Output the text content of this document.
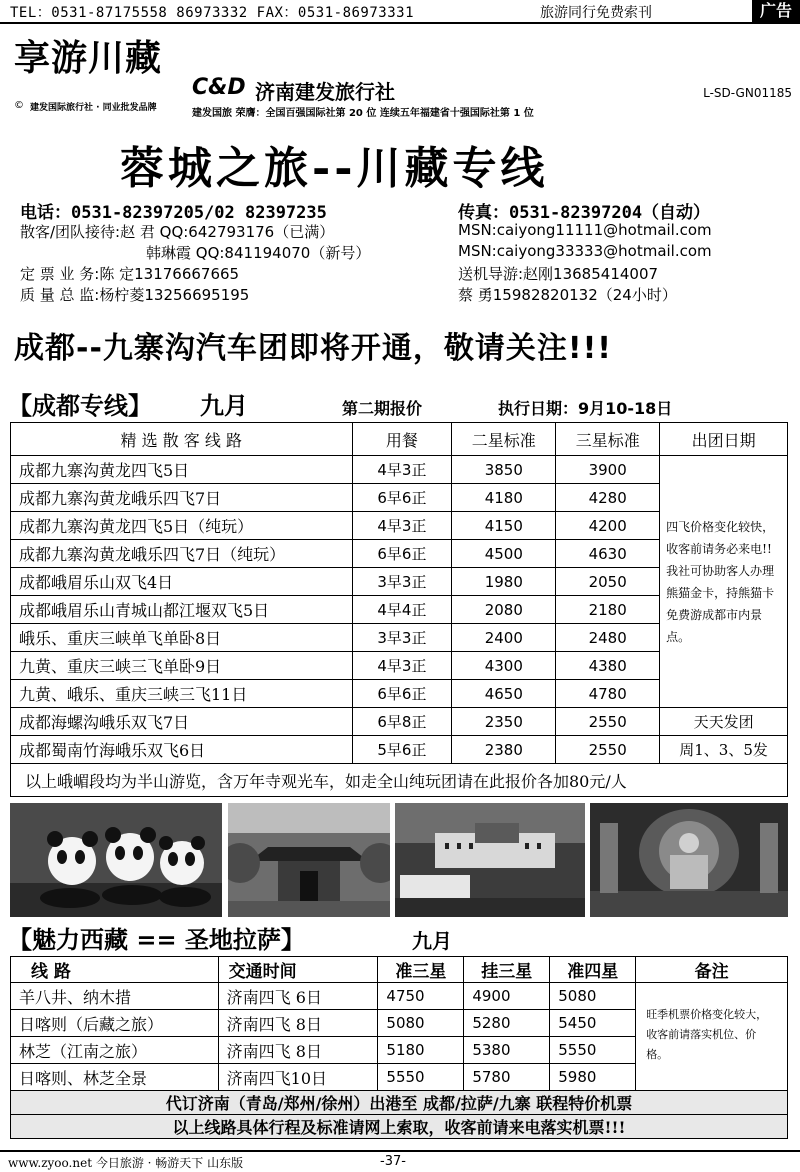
TEL：0531-87175558 86973332 FAX：0531-86973331	旅游同行免费索刊	广告
享游川藏
© 建发国际旅行社 · 同业批发品牌
C&D 济南建发旅行社
建发国旅 荣膺：全国百强国际社第 20 位 连续五年福建省十强国际社第 1 位
L-SD-GN01185
蓉城之旅--川藏专线
电话：0531-82397205/02 82397235	传真：0531-82397204（自动）
散客/团队接待:赵 君 QQ:642793176（已满）
韩琳霞 QQ:841194070（新号）
MSN:caiyong11111@hotmail.com
MSN:caiyong33333@hotmail.com
定 票 业 务:陈 定13176667665	送机导游:赵刚13685414007
质 量 总 监:杨柠菱13256695195	蔡 勇15982820132（24小时）
成都--九寨沟汽车团即将开通，敬请关注!!!
【成都专线】 九月	第二期报价	执行日期：9月10-18日
精 选 散 客 线 路	用餐	二星标准	三星标准	出团日期
成都九寨沟黄龙四飞5日	4早3正	3850	3900	四飞价格变化较快，收客前请务必来电!!我社可协助客人办理熊猫金卡，持熊猫卡免费游成都市内景点。
成都九寨沟黄龙峨乐四飞7日	6早6正	4180	4280	
成都九寨沟黄龙四飞5日（纯玩）	4早3正	4150	4200	
成都九寨沟黄龙峨乐四飞7日（纯玩）	6早6正	4500	4630	
成都峨眉乐山双飞4日	3早3正	1980	2050	
成都峨眉乐山青城山都江堰双飞5日	4早4正	2080	2180	
峨乐、重庆三峡单飞单卧8日	3早3正	2400	2480	
九黄、重庆三峡三飞单卧9日	4早3正	4300	4380	
九黄、峨乐、重庆三峡三飞11日	6早6正	4650	4780	
成都海螺沟峨乐双飞7日	6早8正	2350	2550	天天发团
成都蜀南竹海峨乐双飞6日	5早6正	2380	2550	周1、3、5发
以上峨嵋段均为半山游览，含万年寺观光车，如走全山纯玩团请在此报价各加80元/人				
【魅力西藏 == 圣地拉萨】	九月
线 路	交通时间	准三星	挂三星	准四星	备注
羊八井、纳木措	济南四飞 6日	4750	4900	5080	旺季机票价格变化较大，收客前请落实机位、价格。
日喀则（后藏之旅）	济南四飞 8日	5080	5280	5450	
林芝（江南之旅）	济南四飞 8日	5180	5380	5550	
日喀则、林芝全景	济南四飞10日	5550	5780	5980	
代订济南（青岛/郑州/徐州）出港至 成都/拉萨/九寨 联程特价机票					
以上线路具体行程及标准请网上索取，收客前请来电落实机票!!!					
www.zyoo.net 今日旅游 · 畅游天下 山东版	-37-
